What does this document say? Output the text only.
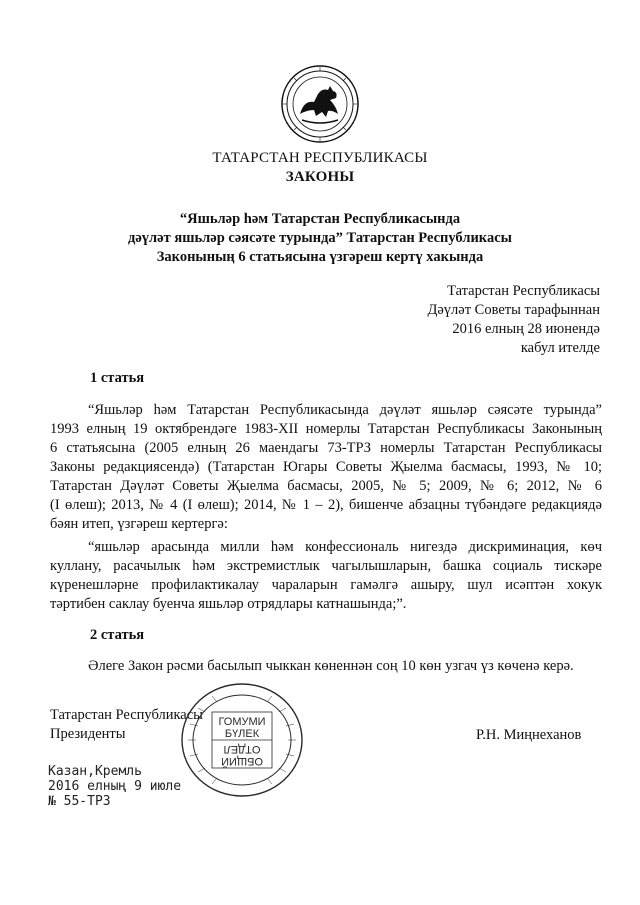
ТАТАРСТАН РЕСПУБЛИКАСЫ
ЗАКОНЫ
“Яшьләр һәм Татарстан Республикасында
дәүләт яшьләр сәясәте турында” Татарстан Республикасы
Законының 6 статьясына үзгәреш кертү хакында
Татарстан Республикасы
Дәүләт Советы тарафыннан
2016 елның 28 июнендә
кабул ителде
1 статья
“Яшьләр һәм Татарстан Республикасында дәүләт яшьләр сәясәте турында”
1993 елның 19 октябрендәге 1983-XII номерлы Татарстан Республикасы Законының
6 статьясына (2005 елның 26 маендагы 73-ТРЗ номерлы Татарстан Республикасы
Законы редакциясендә) (Татарстан Югары Советы Җыелма басмасы, 1993, № 10;
Татарстан Дәүләт Советы Җыелма басмасы, 2005, № 5; 2009, № 6; 2012, № 6
(I өлеш); 2013, № 4 (I өлеш); 2014, № 1 – 2), бишенче абзацны түбәндәге редакциядә
бәян итеп, үзгәреш кертергә:
“яшьләр арасында милли һәм конфессиональ нигездә дискриминация, көч
куллану, расачылык һәм экстремистлык чагылышларын, башка социаль тискәре
күренешләрне профилактикалау чараларын гамәлгә ашыру, шул исәптән хокук
тәртибен саклау буенча яшьләр отрядлары катнашында;”.
2 статья
Әлеге Закон рәсми басылып чыккан көненнән соң 10 көн узгач үз көченә керә.
Татарстан Республикасы
Президенты	Р.Н. Миңнеханов
ГОМУМИ
БҮЛЕК
ОБЩИЙ
ОТДЕЛ
Казан,Кремль
2016 елның 9 июле
№ 55-ТРЗ
